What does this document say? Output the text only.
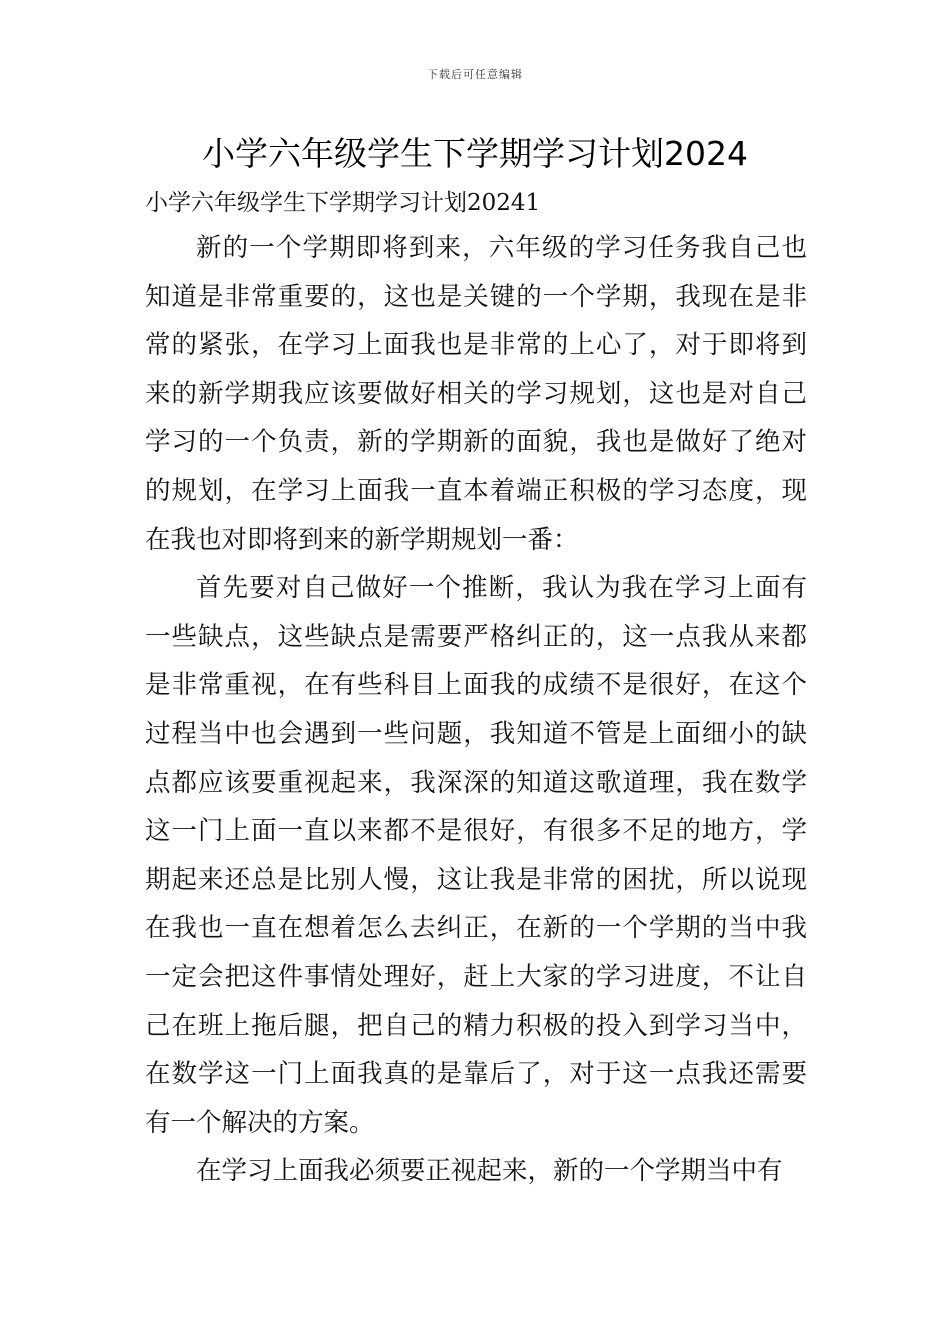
下载后可任意编辑
小学六年级学生下学期学习计划2024
小学六年级学生下学期学习计划20241

新的一个学期即将到来，六年级的学习任务我自己也知道是非常重要的，这也是关键的一个学期，我现在是非常的紧张，在学习上面我也是非常的上心了，对于即将到来的新学期我应该要做好相关的学习规划，这也是对自己学习的一个负责，新的学期新的面貌，我也是做好了绝对的规划，在学习上面我一直本着端正积极的学习态度，现在我也对即将到来的新学期规划一番：

首先要对自己做好一个推断，我认为我在学习上面有一些缺点，这些缺点是需要严格纠正的，这一点我从来都是非常重视，在有些科目上面我的成绩不是很好，在这个过程当中也会遇到一些问题，我知道不管是上面细小的缺点都应该要重视起来，我深深的知道这歌道理，我在数学这一门上面一直以来都不是很好，有很多不足的地方，学期起来还总是比别人慢，这让我是非常的困扰，所以说现在我也一直在想着怎么去纠正，在新的一个学期的当中我一定会把这件事情处理好，赶上大家的学习进度，不让自己在班上拖后腿，把自己的精力积极的投入到学习当中，在数学这一门上面我真的是靠后了，对于这一点我还需要有一个解决的方案。

在学习上面我必须要正视起来，新的一个学期当中有
